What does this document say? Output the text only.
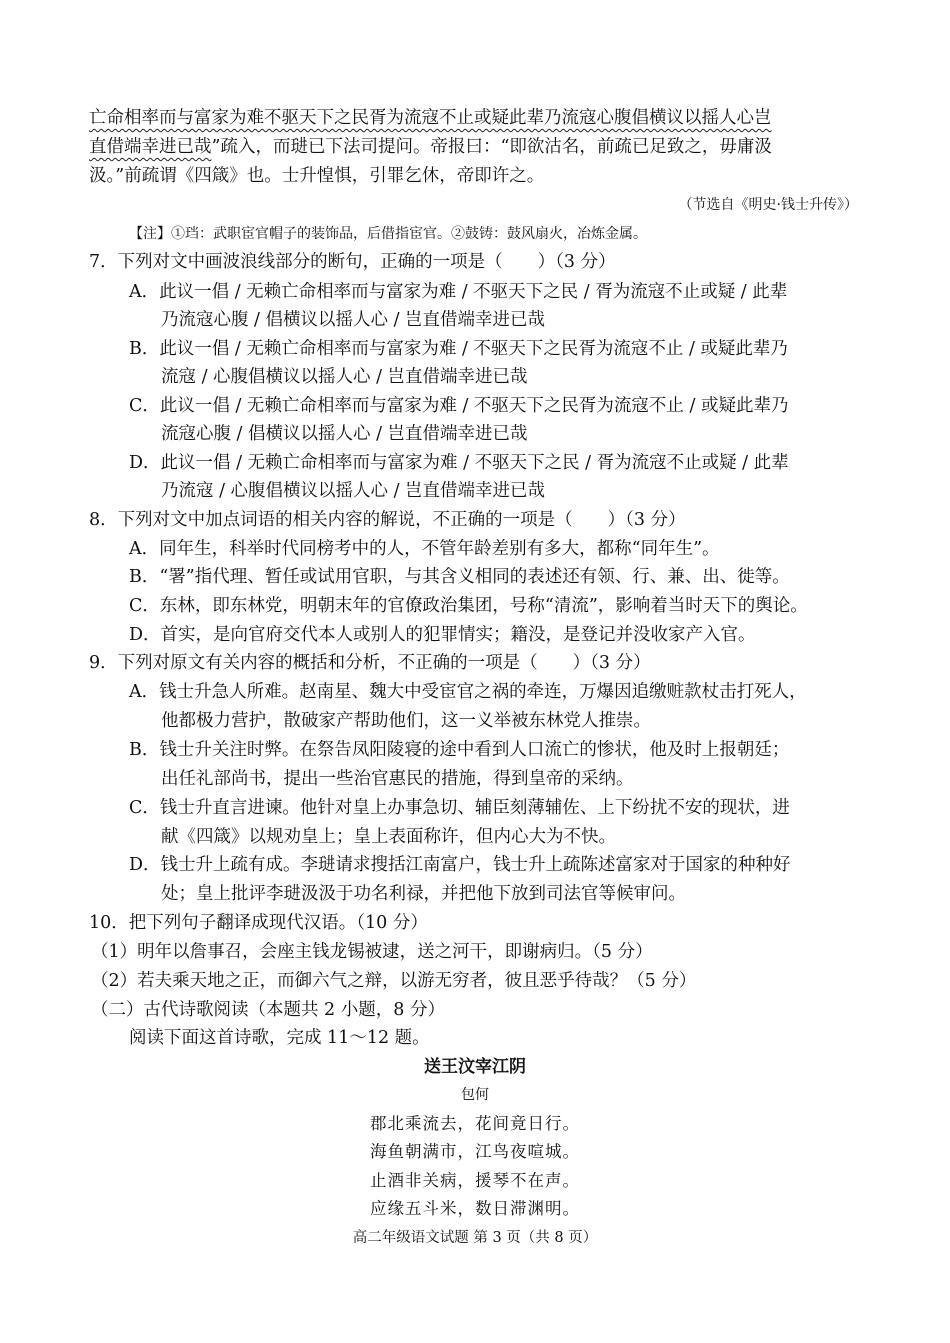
亡命相率而与富家为难不驱天下之民胥为流寇不止或疑此辈乃流寇心腹倡横议以摇人心岂
直借端幸进已哉”疏入，而琎已下法司提问。帝报曰：“即欲沽名，前疏已足致之，毋庸汲
汲。”前疏谓《四箴》也。士升惶惧，引罪乞休，帝即许之。
（节选自《明史·钱士升传》）
【注】①珰：武职宦官帽子的装饰品，后借指宦官。②鼓铸：鼓风扇火，冶炼金属。
7．下列对文中画波浪线部分的断句，正确的一项是（　　）（3 分）
A．此议一倡 / 无赖亡命相率而与富家为难 / 不驱天下之民 / 胥为流寇不止或疑 / 此辈
乃流寇心腹 / 倡横议以摇人心 / 岂直借端幸进已哉
B．此议一倡 / 无赖亡命相率而与富家为难 / 不驱天下之民胥为流寇不止 / 或疑此辈乃
流寇 / 心腹倡横议以摇人心 / 岂直借端幸进已哉
C．此议一倡 / 无赖亡命相率而与富家为难 / 不驱天下之民胥为流寇不止 / 或疑此辈乃
流寇心腹 / 倡横议以摇人心 / 岂直借端幸进已哉
D．此议一倡 / 无赖亡命相率而与富家为难 / 不驱天下之民 / 胥为流寇不止或疑 / 此辈
乃流寇 / 心腹倡横议以摇人心 / 岂直借端幸进已哉
8．下列对文中加点词语的相关内容的解说，不正确的一项是（　　）（3 分）
A．同年生，科举时代同榜考中的人，不管年龄差别有多大，都称“同年生”。
B．“署”指代理、暂任或试用官职，与其含义相同的表述还有领、行、兼、出、徙等。
C．东林，即东林党，明朝末年的官僚政治集团，号称“清流”，影响着当时天下的舆论。
D．首实，是向官府交代本人或别人的犯罪情实；籍没，是登记并没收家产入官。
9．下列对原文有关内容的概括和分析，不正确的一项是（　　）（3 分）
A．钱士升急人所难。赵南星、魏大中受宦官之祸的牵连，万爆因追缴赃款杖击打死人，
他都极力营护，散破家产帮助他们，这一义举被东林党人推崇。
B．钱士升关注时弊。在祭告凤阳陵寝的途中看到人口流亡的惨状，他及时上报朝廷；
出任礼部尚书，提出一些治官惠民的措施，得到皇帝的采纳。
C．钱士升直言进谏。他针对皇上办事急切、辅臣刻薄辅佐、上下纷扰不安的现状，进
献《四箴》以规劝皇上；皇上表面称许，但内心大为不快。
D．钱士升上疏有成。李琎请求搜括江南富户，钱士升上疏陈述富家对于国家的种种好
处；皇上批评李琎汲汲于功名利禄，并把他下放到司法官等候审问。
10．把下列句子翻译成现代汉语。（10 分）
（1）明年以詹事召，会座主钱龙锡被逮，送之河干，即谢病归。（5 分）
（2）若夫乘天地之正，而御六气之辩，以游无穷者，彼且恶乎待哉？（5 分）
（二）古代诗歌阅读（本题共 2 小题，8 分）
阅读下面这首诗歌，完成 11～12 题。
送王汶宰江阴
包何
郡北乘流去，花间竟日行。
海鱼朝满市，江鸟夜喧城。
止酒非关病，援琴不在声。
应缘五斗米，数日滞渊明。
高二年级语文试题 第 3 页（共 8 页）
